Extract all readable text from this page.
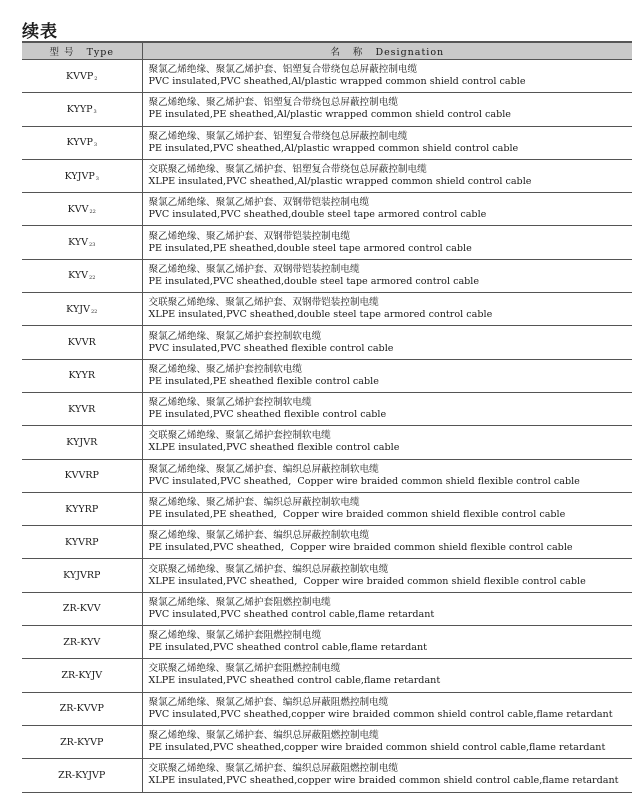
续表
型 号   Type	名   称   Designation
$KVVP_2$	聚氯乙烯绝缘、聚氯乙烯护套、铝塑复合带绕包总屏蔽控制电缆
PVC insulated,PVC sheathed,Al/plastic wrapped common shield control cable

$KYYP_3$	聚乙烯绝缘、聚乙烯护套、铝塑复合带绕包总屏蔽控制电缆
PE insulated,PE sheathed,Al/plastic wrapped common shield control cable

$KYVP_3$	聚乙烯绝缘、聚氯乙烯护套、铝塑复合带绕包总屏蔽控制电缆
PE insulated,PVC sheathed,Al/plastic wrapped common shield control cable

$KYJVP_3$	交联聚乙烯绝缘、聚氯乙烯护套、铝塑复合带绕包总屏蔽控制电缆
XLPE insulated,PVC sheathed,Al/plastic wrapped common shield control cable

$KVV_{22}$	聚氯乙烯绝缘、聚氯乙烯护套、双钢带铠装控制电缆
PVC insulated,PVC sheathed,double steel tape armored control cable

$KYV_{23}$	聚乙烯绝缘、聚乙烯护套、双钢带铠装控制电缆
PE insulated,PE sheathed,double steel tape armored control cable

$KYV_{22}$	聚乙烯绝缘、聚氯乙烯护套、双钢带铠装控制电缆
PE insulated,PVC sheathed,double steel tape armored control cable

$KYJV_{22}$	交联聚乙烯绝缘、聚氯乙烯护套、双钢带铠装控制电缆
XLPE insulated,PVC sheathed,double steel tape armored control cable

KVVR	聚氯乙烯绝缘、聚氯乙烯护套控制软电缆
PVC insulated,PVC sheathed flexible control cable

KYYR	聚乙烯绝缘、聚乙烯护套控制软电缆
PE insulated,PE sheathed flexible control cable

KYVR	聚乙烯绝缘、聚氯乙烯护套控制软电缆
PE insulated,PVC sheathed flexible control cable

KYJVR	交联聚乙烯绝缘、聚氯乙烯护套控制软电缆
XLPE insulated,PVC sheathed flexible control cable

KVVRP	聚氯乙烯绝缘、聚氯乙烯护套、编织总屏蔽控制软电缆
PVC insulated,PVC sheathed,  Copper wire braided common shield flexible control cable

KYYRP	聚乙烯绝缘、聚乙烯护套、编织总屏蔽控制软电缆
PE insulated,PE sheathed,  Copper wire braided common shield flexible control cable

KYVRP	聚乙烯绝缘、聚氯乙烯护套、编织总屏蔽控制软电缆
PE insulated,PVC sheathed,  Copper wire braided common shield flexible control cable

KYJVRP	交联聚乙烯绝缘、聚氯乙烯护套、编织总屏蔽控制软电缆
XLPE insulated,PVC sheathed,  Copper wire braided common shield flexible control cable

ZR-KVV	聚氯乙烯绝缘、聚氯乙烯护套阻燃控制电缆
PVC insulated,PVC sheathed control cable,flame retardant

ZR-KYV	聚乙烯绝缘、聚氯乙烯护套阻燃控制电缆
PE insulated,PVC sheathed control cable,flame retardant

ZR-KYJV	交联聚乙烯绝缘、聚氯乙烯护套阻燃控制电缆
XLPE insulated,PVC sheathed control cable,flame retardant

ZR-KVVP	聚氯乙烯绝缘、聚氯乙烯护套、编织总屏蔽阻燃控制电缆
PVC insulated,PVC sheathed,copper wire braided common shield control cable,flame retardant

ZR-KYVP	聚乙烯绝缘、聚氯乙烯护套、编织总屏蔽阻燃控制电缆
PE insulated,PVC sheathed,copper wire braided common shield control cable,flame retardant

ZR-KYJVP	交联聚乙烯绝缘、聚氯乙烯护套、编织总屏蔽阻燃控制电缆
XLPE insulated,PVC sheathed,copper wire braided common shield control cable,flame retardant
